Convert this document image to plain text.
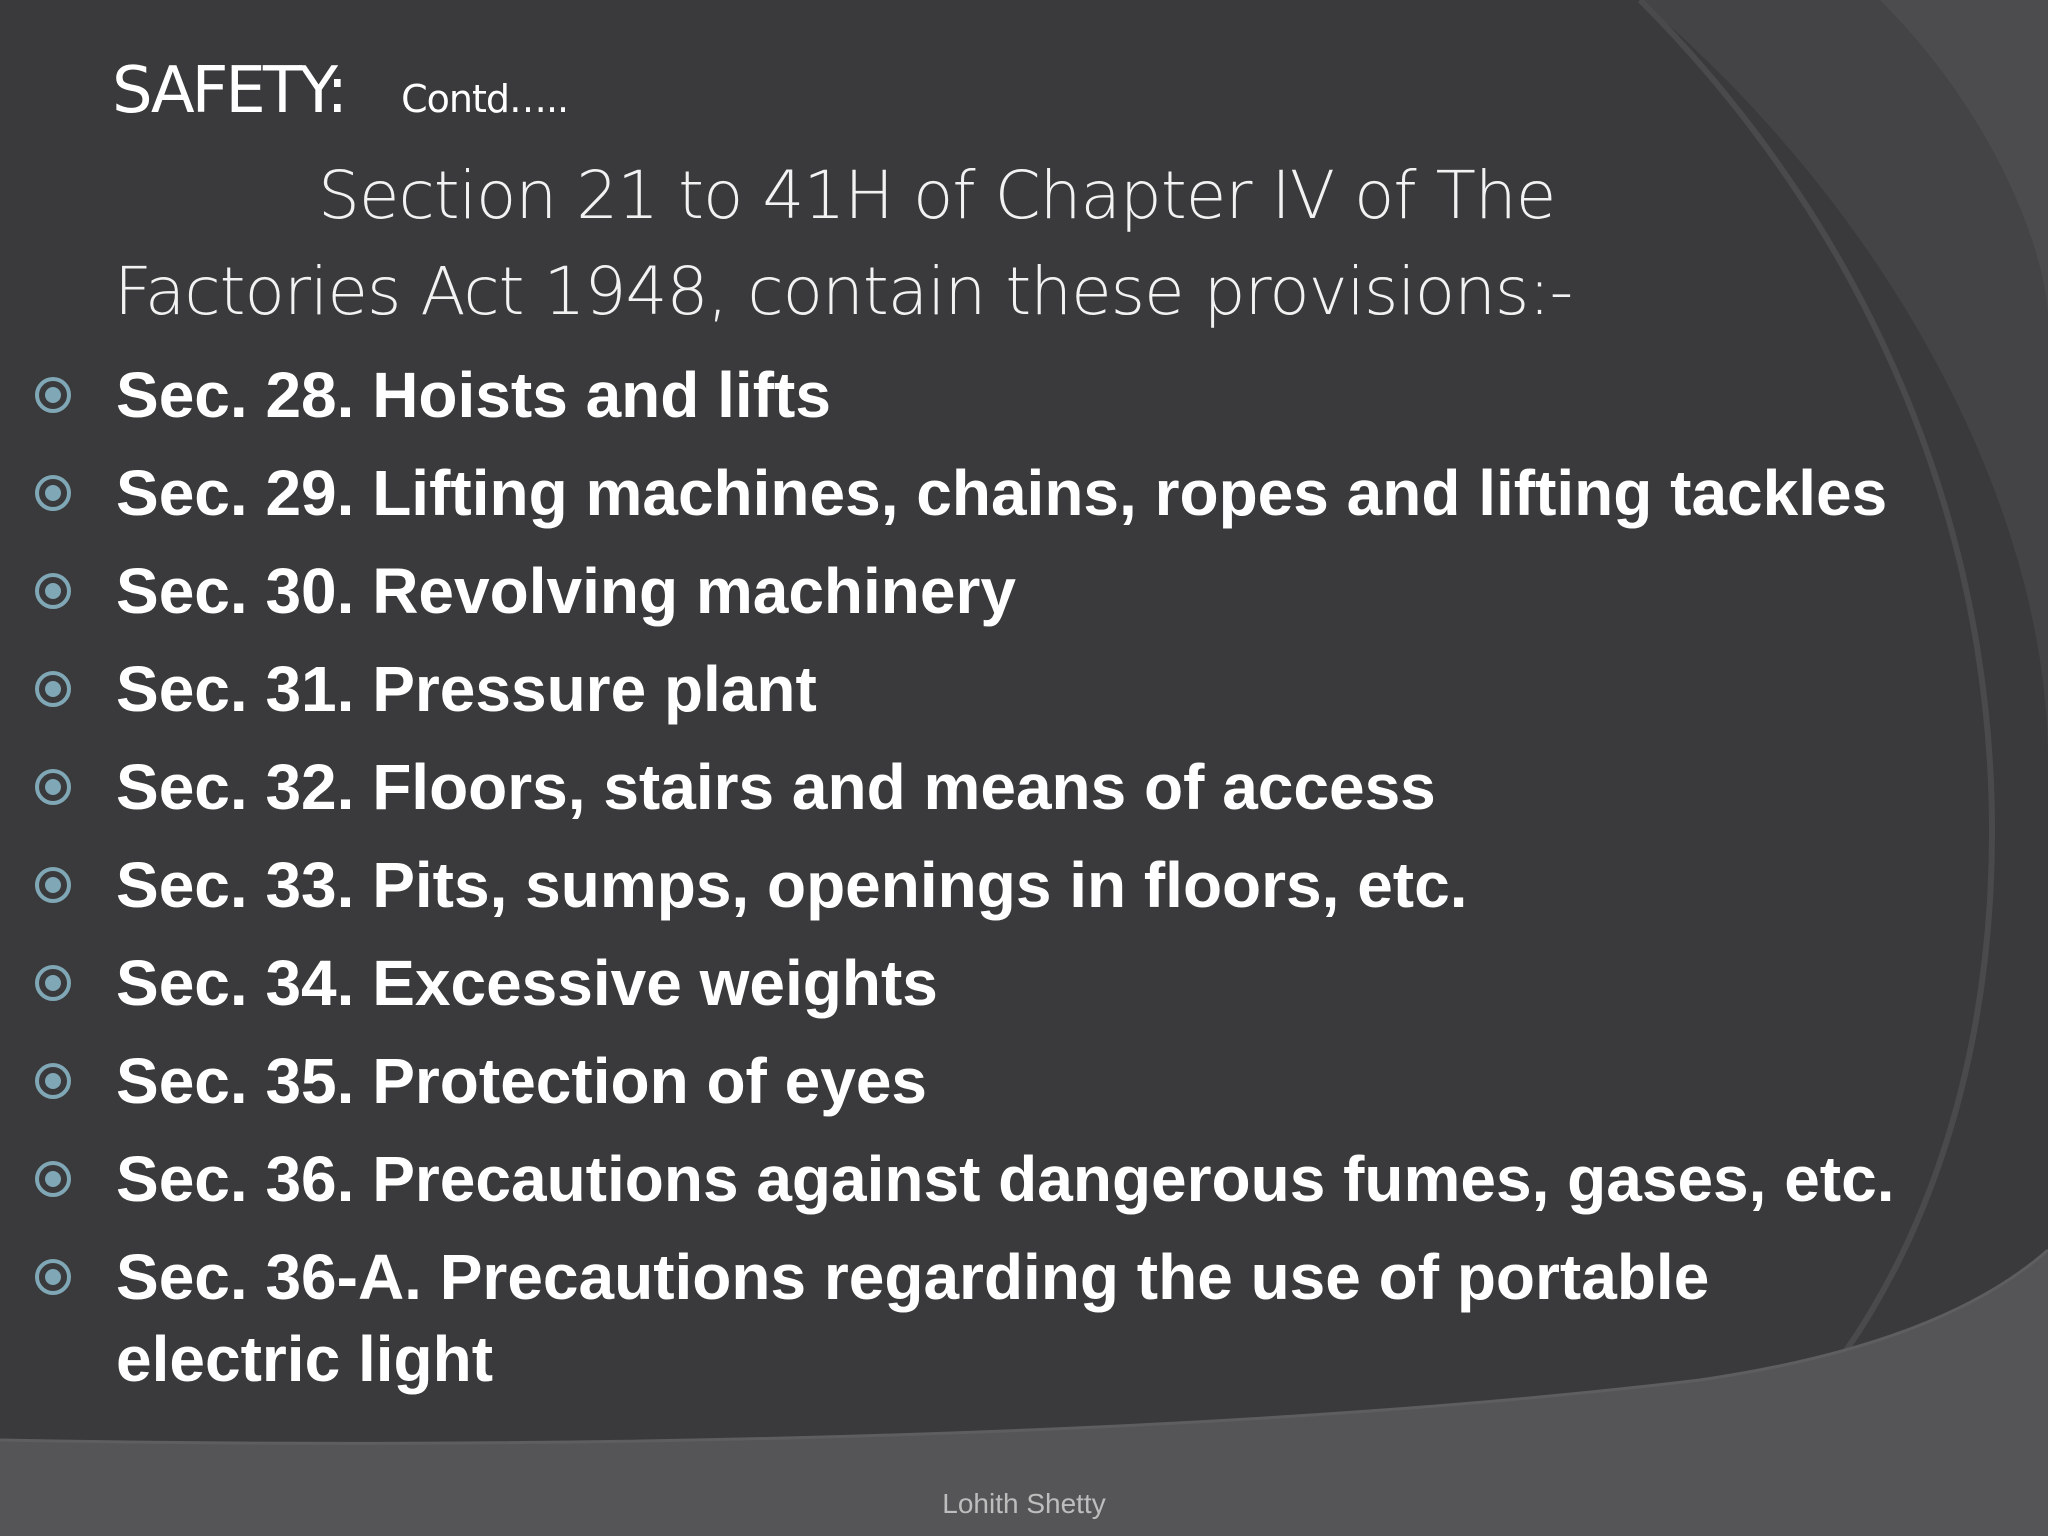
SAFETY: Contd…..
Section 21 to 41H of Chapter IV of The
Factories Act 1948, contain these provisions:-
Sec. 28. Hoists and lifts
Sec. 29. Lifting machines, chains, ropes and lifting tackles
Sec. 30. Revolving machinery
Sec. 31. Pressure plant
Sec. 32. Floors, stairs and means of access
Sec. 33. Pits, sumps, openings in floors, etc.
Sec. 34. Excessive weights
Sec. 35. Protection of eyes
Sec. 36. Precautions against dangerous fumes, gases, etc.
Sec. 36-A. Precautions regarding the use of portable electric light
Lohith Shetty
